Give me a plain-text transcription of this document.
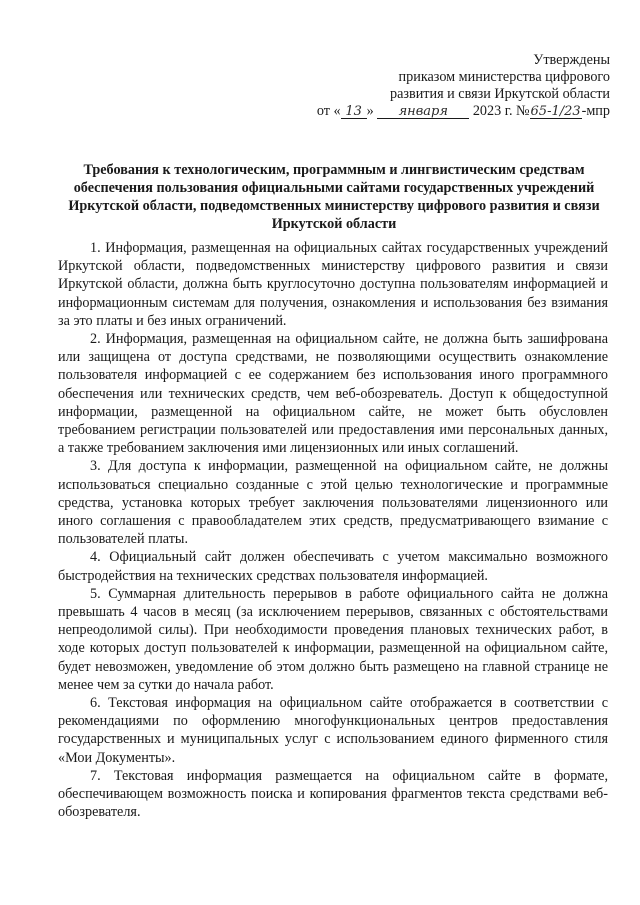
Утверждены
приказом министерства цифрового
развития и связи Иркутской области
от « 13 » января 2023 г. №65-1/23-мпр
Требования к технологическим, программным и лингвистическим средствам обеспечения пользования официальными сайтами государственных учреждений Иркутской области, подведомственных министерству цифрового развития и связи Иркутской области

1. Информация, размещенная на официальных сайтах государственных учреждений Иркутской области, подведомственных министерству цифрового развития и связи Иркутской области, должна быть круглосуточно доступна пользователям информацией и информационным системам для получения, ознакомления и использования без взимания за это платы и без иных ограничений.

2. Информация, размещенная на официальном сайте, не должна быть зашифрована или защищена от доступа средствами, не позволяющими осуществить ознакомление пользователя информацией с ее содержанием без использования иного программного обеспечения или технических средств, чем веб-обозреватель. Доступ к общедоступной информации, размещенной на официальном сайте, не может быть обусловлен требованием регистрации пользователей или предоставления ими персональных данных, а также требованием заключения ими лицензионных или иных соглашений.

3. Для доступа к информации, размещенной на официальном сайте, не должны использоваться специально созданные с этой целью технологические и программные средства, установка которых требует заключения пользователями лицензионного или иного соглашения с правообладателем этих средств, предусматривающего взимание с пользователей платы.

4. Официальный сайт должен обеспечивать с учетом максимально возможного быстродействия на технических средствах пользователя информацией.

5. Суммарная длительность перерывов в работе официального сайта не должна превышать 4 часов в месяц (за исключением перерывов, связанных с обстоятельствами непреодолимой силы). При необходимости проведения плановых технических работ, в ходе которых доступ пользователей к информации, размещенной на официальном сайте, будет невозможен, уведомление об этом должно быть размещено на главной странице не менее чем за сутки до начала работ.

6. Текстовая информация на официальном сайте отображается в соответствии с рекомендациями по оформлению многофункциональных центров предоставления государственных и муниципальных услуг с использованием единого фирменного стиля «Мои Документы».

7. Текстовая информация размещается на официальном сайте в формате, обеспечивающем возможность поиска и копирования фрагментов текста средствами веб-обозревателя.
